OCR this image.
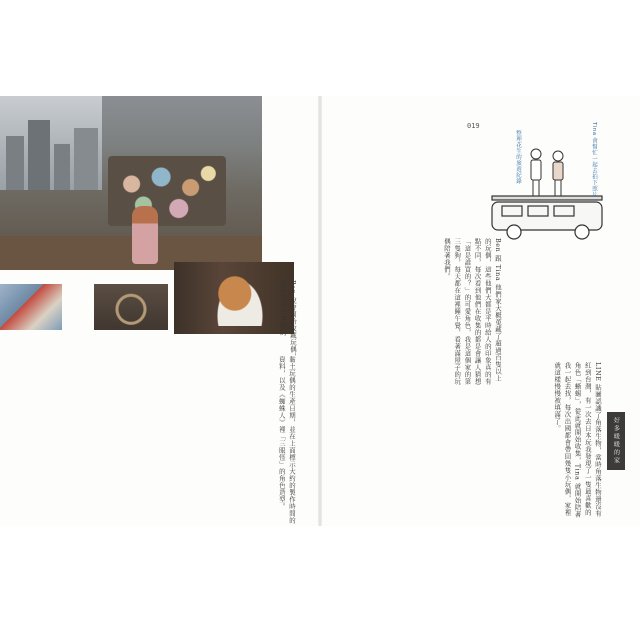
Ben 說會開始收藏玩偶，是因為在日本版的
黏土玩偶的生產日期，並在上面標示大約的製作時間的資料，以及《蜘蛛人》裡「三眼怪」的角色造型。
Ben 跟 Tina 他們家大概蒐藏了超過百隻以上的玩偶，這些他們大都是平時給人的印象真的有點不同，每次看到他們在收集的都是會讓人猜想「這是誰買的？」的可愛角色，我是這個家的第三隻狗，每天都在這裡睡午覺，看著滿屋子的玩偶陪著我們。
LINE 貼圖認識了角落生物，當時角落生物還沒有紅到台灣，有一次去日本玩我發現了一隻最喜歡的角色「蜥蜴」，從此就開始收集，Tina 就開始陪著我一起去找，每次出國都會帶回幾隻小玩偶，家裡就這樣慢慢被填滿了。
019
整理花生的旅遊紀錄	Tina 會幫忙一起去拍下照片
好多暖暖的家
